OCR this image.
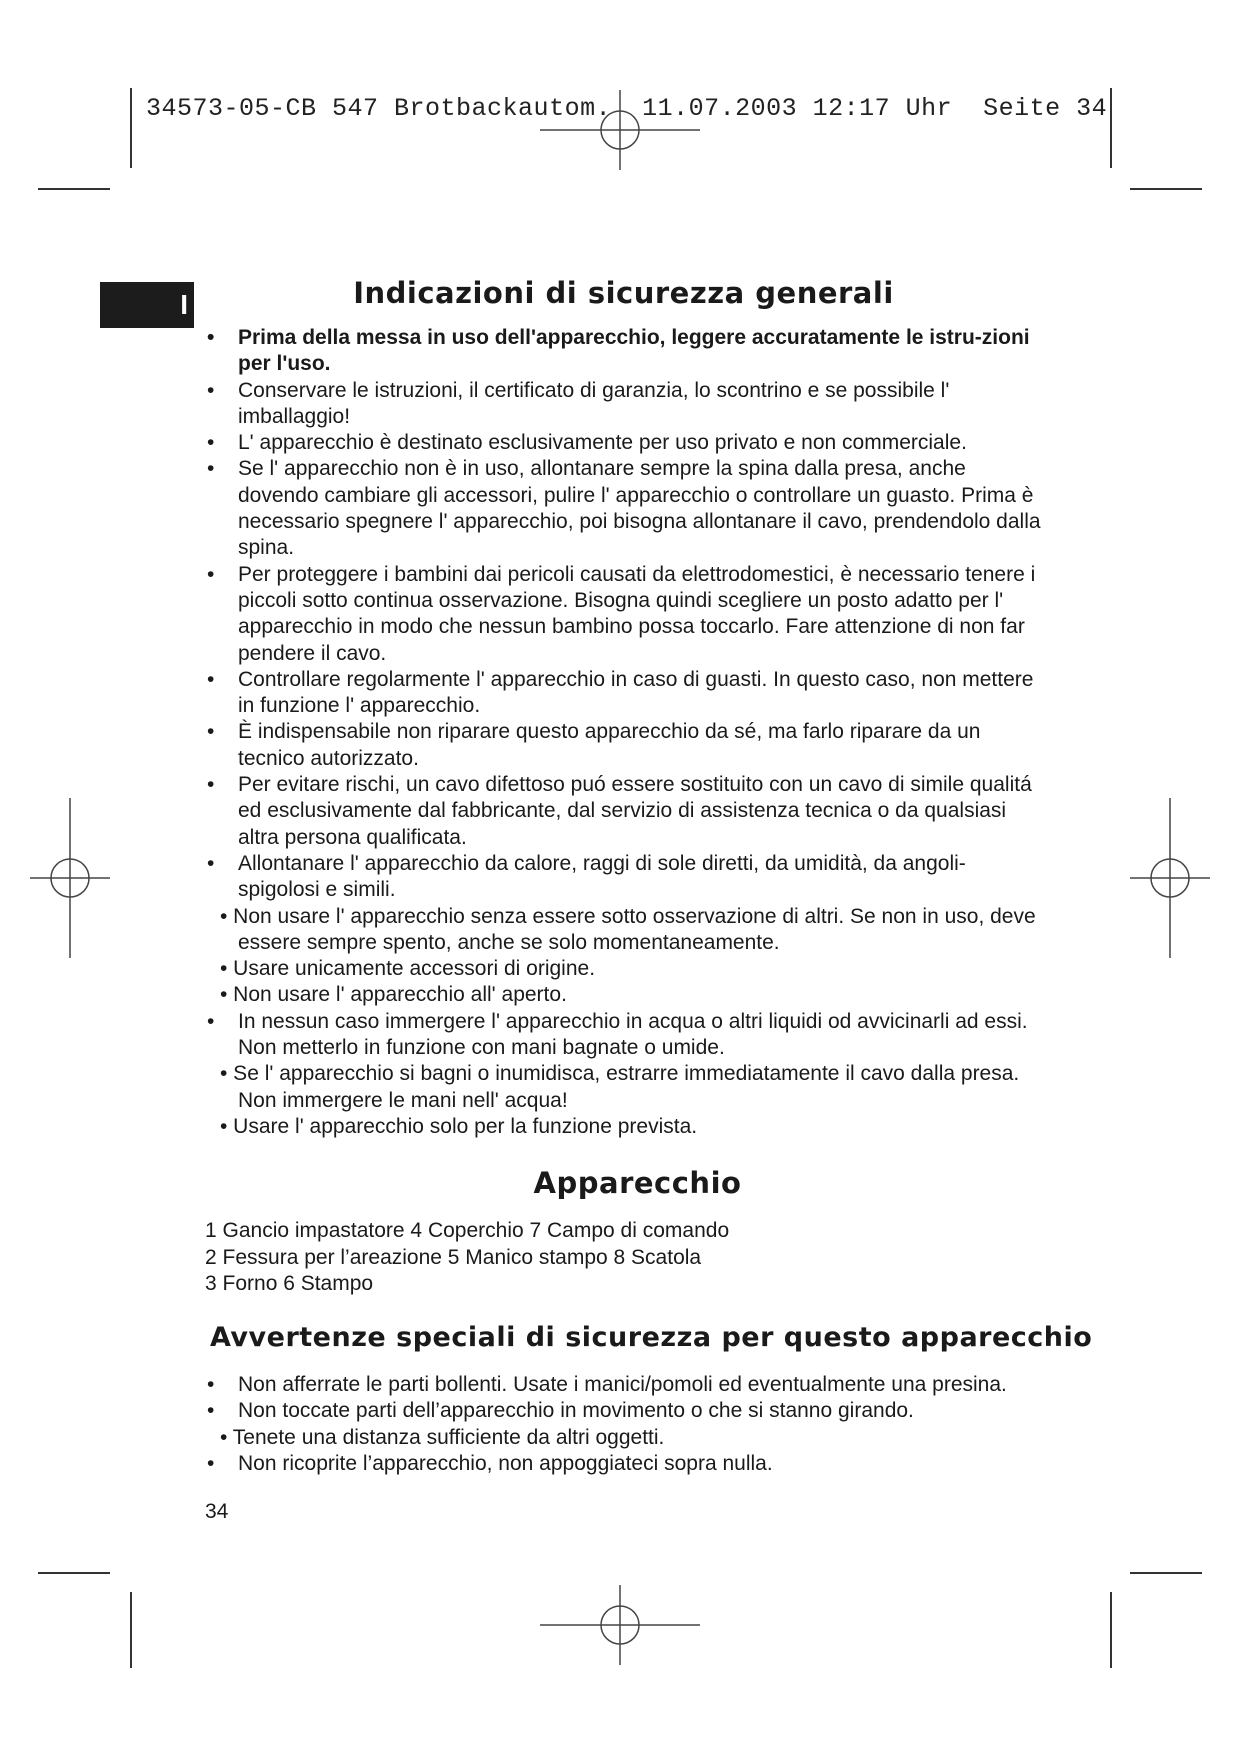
34573-05-CB 547 Brotbackautom.  11.07.2003 12:17 Uhr  Seite 34
I	Indicazioni di sicurezza generali
• Prima della messa in uso dell'apparecchio, leggere accuratamente le istru-zioni per l'uso.
• Conservare le istruzioni, il certificato di garanzia, lo scontrino e se possibile l' imballaggio!
• L' apparecchio è destinato esclusivamente per uso privato e non commerciale.
• Se l' apparecchio non è in uso, allontanare sempre la spina dalla presa, anche dovendo cambiare gli accessori, pulire l' apparecchio o controllare un guasto. Prima è necessario spegnere l' apparecchio, poi bisogna allontanare il cavo, prendendolo dalla spina.
• Per proteggere i bambini dai pericoli causati da elettrodomestici, è necessario tenere i piccoli sotto continua osservazione. Bisogna quindi scegliere un posto adatto per l' apparecchio in modo che nessun bambino possa toccarlo. Fare attenzione di non far pendere il cavo.
• Controllare regolarmente l' apparecchio in caso di guasti. In questo caso, non mettere in funzione l' apparecchio.
• È indispensabile non riparare questo apparecchio da sé, ma farlo riparare da un tecnico autorizzato.
• Per evitare rischi, un cavo difettoso puó essere sostituito con un cavo di simile qualitá ed esclusivamente dal fabbricante, dal servizio di assistenza tecnica o da qualsiasi altra persona qualificata.
• Allontanare l' apparecchio da calore, raggi di sole diretti, da umidità, da angoli-spigolosi e simili.
• Non usare l' apparecchio senza essere sotto osservazione di altri. Se non in uso, deve essere sempre spento, anche se solo momentaneamente.
• Usare unicamente accessori di origine.
• Non usare l' apparecchio all' aperto.
• In nessun caso immergere l' apparecchio in acqua o altri liquidi od avvicinarli ad essi. Non metterlo in funzione con mani bagnate o umide.
• Se l' apparecchio si bagni o inumidisca, estrarre immediatamente il cavo dalla presa. Non immergere le mani nell' acqua!
• Usare l' apparecchio solo per la funzione prevista.
Apparecchio
1 Gancio impastatore 4 Coperchio 7 Campo di comando
2 Fessura per l’areazione 5 Manico stampo 8 Scatola
3 Forno 6 Stampo
Avvertenze speciali di sicurezza per questo apparecchio
• Non afferrate le parti bollenti. Usate i manici/pomoli ed eventualmente una presina.
• Non toccate parti dell’apparecchio in movimento o che si stanno girando.
• Tenete una distanza sufficiente da altri oggetti.
• Non ricoprite l’apparecchio, non appoggiateci sopra nulla.
34
